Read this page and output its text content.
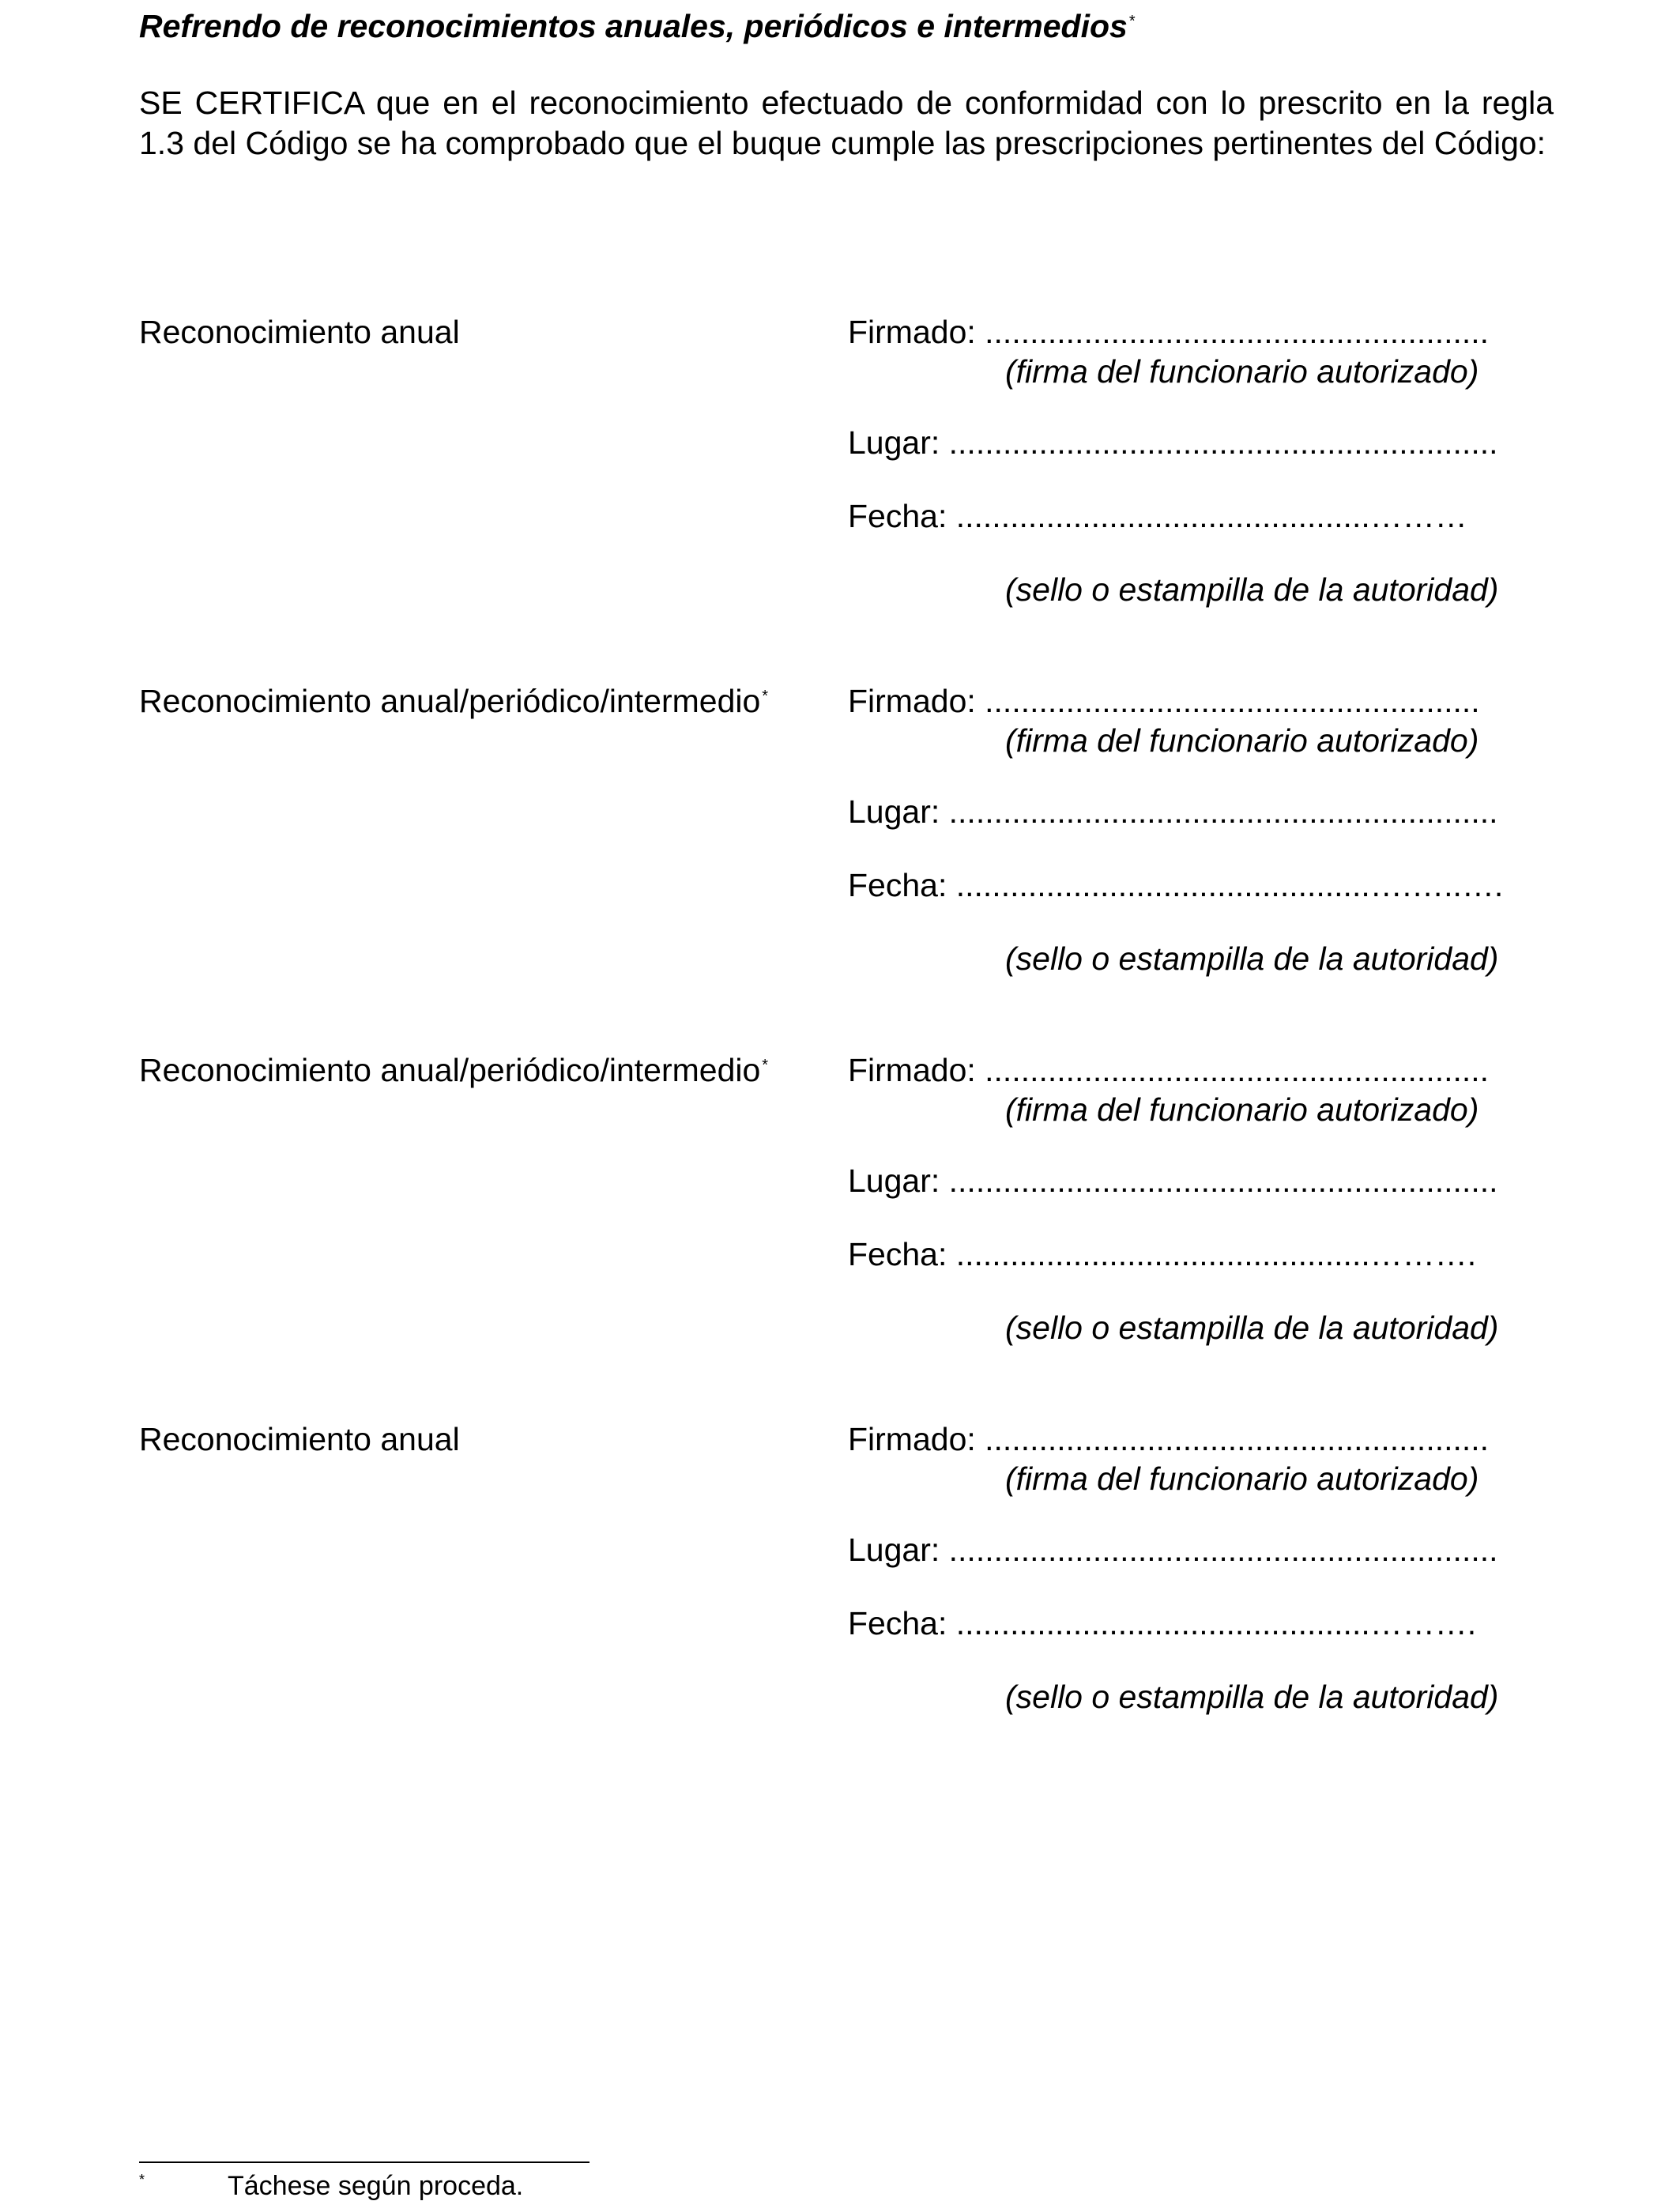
Refrendo de reconocimientos anuales, periódicos e intermedios *
SE CERTIFICA que en el reconocimiento efectuado de conformidad con lo prescrito en la regla 1.3 del Código se ha comprobado que el buque cumple las prescripciones pertinentes del Código:
Reconocimiento anual	Firmado: ........................................................
(firma del funcionario autorizado)
Lugar: .............................................................
Fecha: ..............................................………
(sello o estampilla de la autoridad)
Reconocimiento anual/periódico/intermedio * Firmado: .......................................................
(firma del funcionario autorizado)
Lugar: .............................................................
Fecha: ..............................................….…..….
(sello o estampilla de la autoridad)
Reconocimiento anual/periódico/intermedio * Firmado: ........................................................
(firma del funcionario autorizado)
Lugar: .............................................................
Fecha: ..............................................……….
(sello o estampilla de la autoridad)
Reconocimiento anual	Firmado: ........................................................
(firma del funcionario autorizado)
Lugar: .............................................................
Fecha: ..............................................……….
(sello o estampilla de la autoridad)
*	Táchese según proceda.
